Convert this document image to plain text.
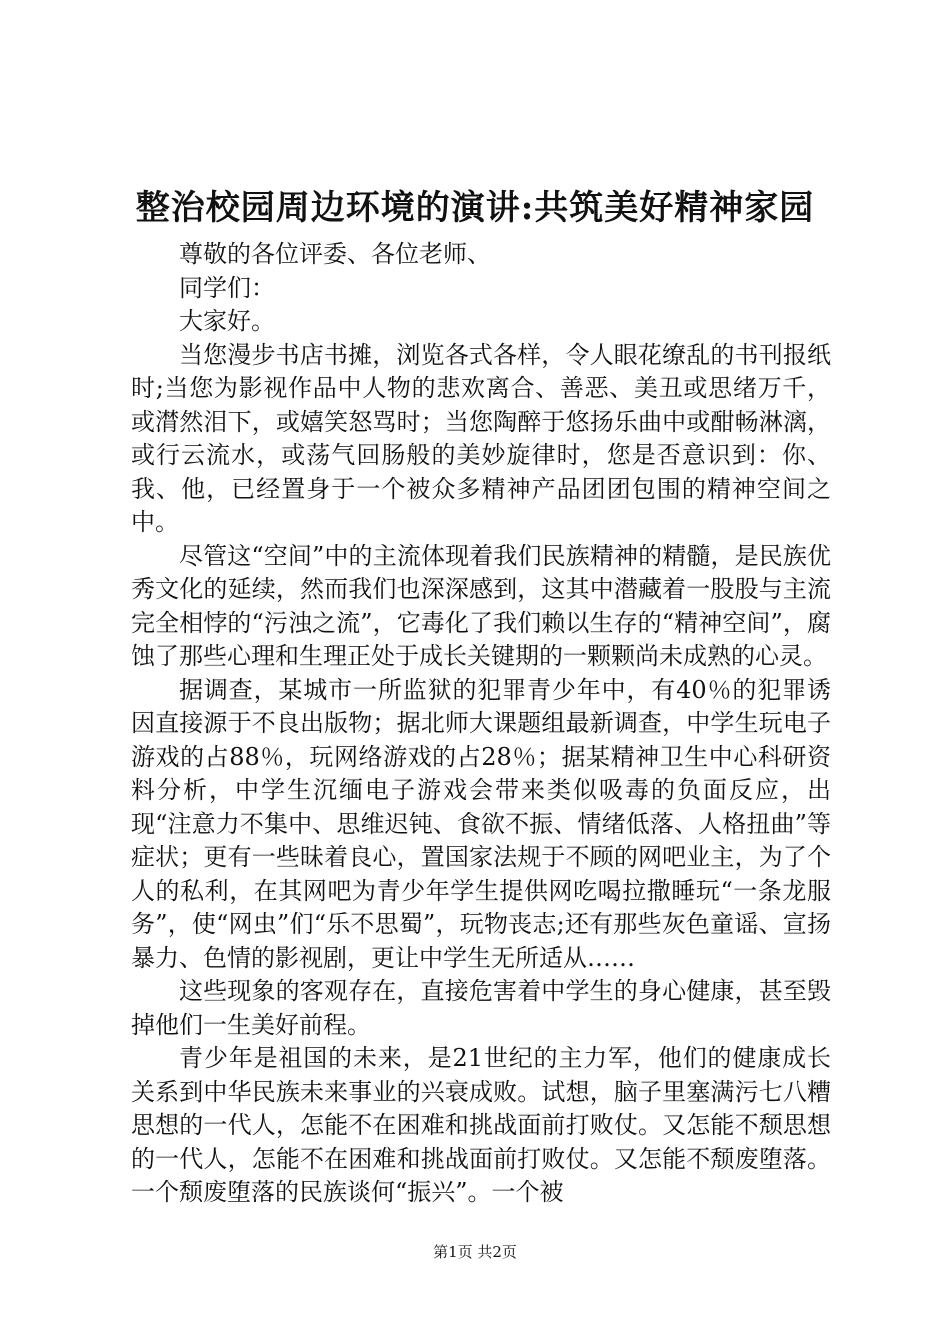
整治校园周边环境的演讲:共筑美好精神家园

尊敬的各位评委、各位老师、

同学们：

大家好。

当您漫步书店书摊，浏览各式各样，令人眼花缭乱的书刊报纸时;当您为影视作品中人物的悲欢离合、善恶、美丑或思绪万千，或潸然泪下，或嬉笑怒骂时；当您陶醉于悠扬乐曲中或酣畅淋漓，或行云流水，或荡气回肠般的美妙旋律时，您是否意识到：你、我、他，已经置身于一个被众多精神产品团团包围的精神空间之中。

尽管这“空间”中的主流体现着我们民族精神的精髓，是民族优秀文化的延续，然而我们也深深感到，这其中潜藏着一股股与主流完全相悖的“污浊之流”，它毒化了我们赖以生存的“精神空间”，腐蚀了那些心理和生理正处于成长关键期的一颗颗尚未成熟的心灵。

据调查，某城市一所监狱的犯罪青少年中，有40％的犯罪诱因直接源于不良出版物；据北师大课题组最新调查，中学生玩电子游戏的占88％，玩网络游戏的占28％；据某精神卫生中心科研资料分析，中学生沉缅电子游戏会带来类似吸毒的负面反应，出现“注意力不集中、思维迟钝、食欲不振、情绪低落、人格扭曲”等症状；更有一些昧着良心，置国家法规于不顾的网吧业主，为了个人的私利，在其网吧为青少年学生提供网吃喝拉撒睡玩“一条龙服务”，使“网虫”们“乐不思蜀”，玩物丧志;还有那些灰色童谣、宣扬暴力、色情的影视剧，更让中学生无所适从……

这些现象的客观存在，直接危害着中学生的身心健康，甚至毁掉他们一生美好前程。

青少年是祖国的未来，是21世纪的主力军，他们的健康成长关系到中华民族未来事业的兴衰成败。试想，脑子里塞满污七八糟思想的一代人，怎能不在困难和挑战面前打败仗。又怎能不颓思想的一代人，怎能不在困难和挑战面前打败仗。又怎能不颓废堕落。一个颓废堕落的民族谈何“振兴”。一个被

第1页 共2页
